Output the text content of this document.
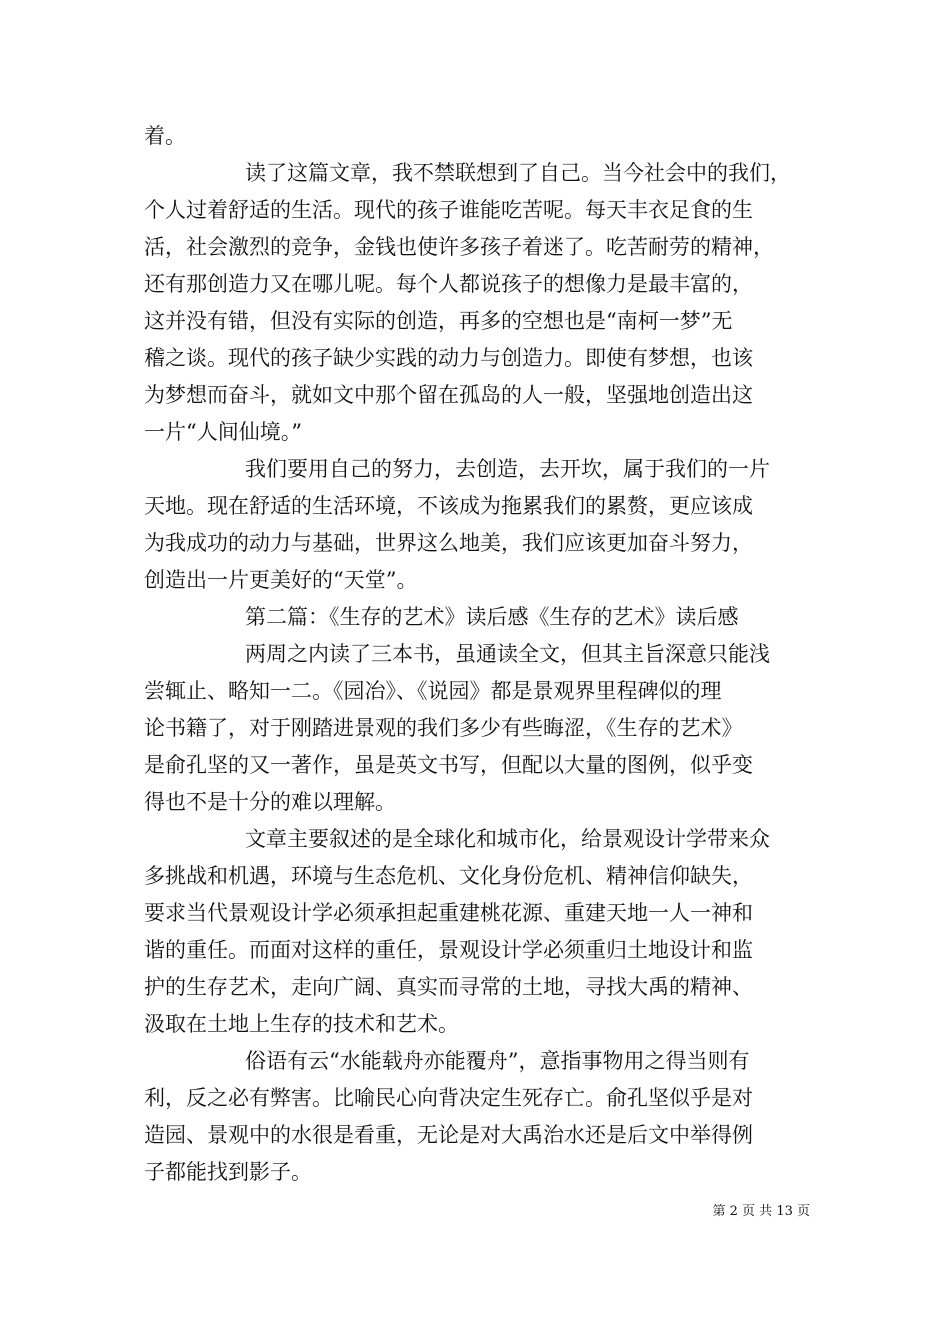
着。
读了这篇文章，我不禁联想到了自己。当今社会中的我们，
个人过着舒适的生活。现代的孩子谁能吃苦呢。每天丰衣足食的生
活，社会激烈的竞争，金钱也使许多孩子着迷了。吃苦耐劳的精神，
还有那创造力又在哪儿呢。每个人都说孩子的想像力是最丰富的，
这并没有错，但没有实际的创造，再多的空想也是“南柯一梦”无
稽之谈。现代的孩子缺少实践的动力与创造力。即使有梦想，也该
为梦想而奋斗，就如文中那个留在孤岛的人一般，坚强地创造出这
一片“人间仙境。”
我们要用自己的努力，去创造，去开坎，属于我们的一片
天地。现在舒适的生活环境，不该成为拖累我们的累赘，更应该成
为我成功的动力与基础，世界这么地美，我们应该更加奋斗努力，
创造出一片更美好的“天堂”。
第二篇：《生存的艺术》读后感《生存的艺术》读后感
两周之内读了三本书，虽通读全文，但其主旨深意只能浅
尝辄止、略知一二。《园冶》、《说园》都是景观界里程碑似的理
论书籍了，对于刚踏进景观的我们多少有些晦涩，《生存的艺术》
是俞孔坚的又一著作，虽是英文书写，但配以大量的图例，似乎变
得也不是十分的难以理解。
文章主要叙述的是全球化和城市化，给景观设计学带来众
多挑战和机遇，环境与生态危机、文化身份危机、精神信仰缺失，
要求当代景观设计学必须承担起重建桃花源、重建天地一人一神和
谐的重任。而面对这样的重任，景观设计学必须重归土地设计和监
护的生存艺术，走向广阔、真实而寻常的土地，寻找大禹的精神、
汲取在土地上生存的技术和艺术。
俗语有云“水能载舟亦能覆舟”，意指事物用之得当则有
利，反之必有弊害。比喻民心向背决定生死存亡。俞孔坚似乎是对
造园、景观中的水很是看重，无论是对大禹治水还是后文中举得例
子都能找到影子。
第 2 页 共 13 页
